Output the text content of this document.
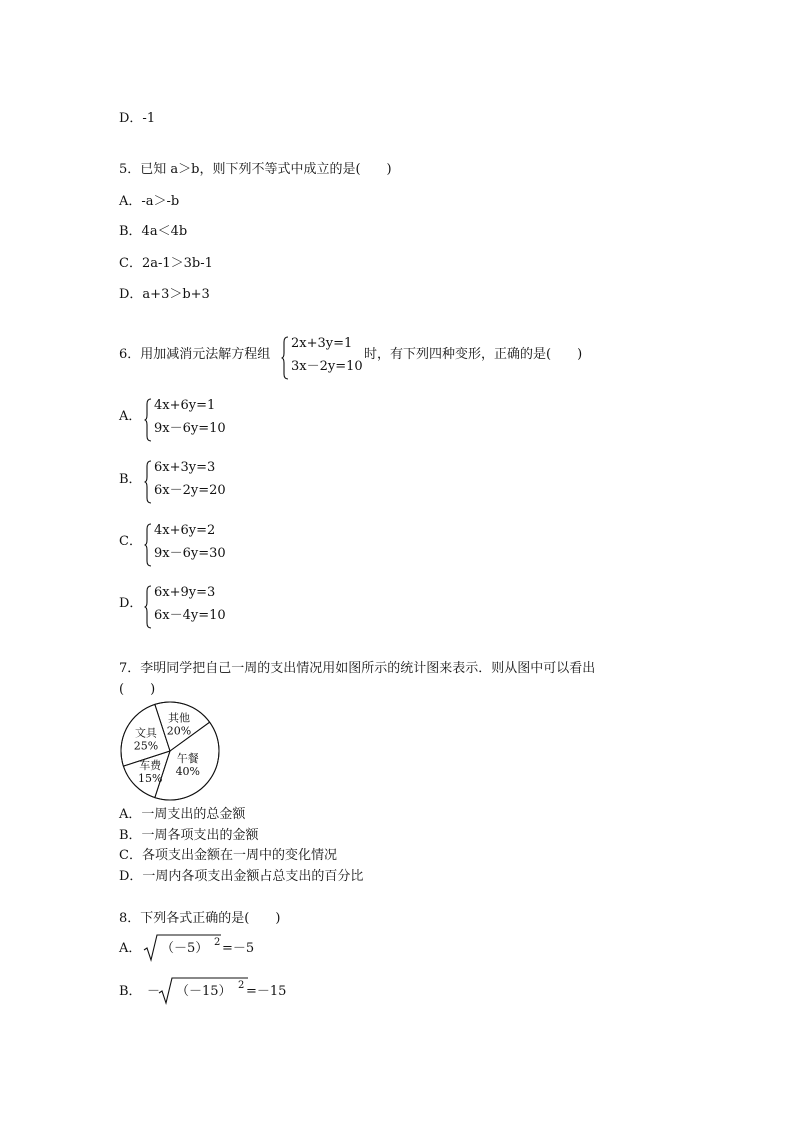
D．-1
5．已知 a＞b，则下列不等式中成立的是(　　)
A．-a＞-b
B．4a＜4b
C．2a-1＞3b-1
D．a+3＞b+3
6．用加减消元法解方程组
2x+3y=1
3x－2y=10
时，有下列四种变形，正确的是(　　)
A．
4x+6y=1
9x－6y=10
B．
6x+3y=3
6x－2y=20
C．
4x+6y=2
9x－6y=30
D．
6x+9y=3
6x－4y=10
7．李明同学把自己一周的支出情况用如图所示的统计图来表示．则从图中可以看出
(　　)
午餐
40%
车费
15%
文具
25%
其他
20%
A．一周支出的总金额
B．一周各项支出的金额
C．各项支出金额在一周中的变化情况
D．一周内各项支出金额占总支出的百分比
8．下列各式正确的是(　　)
A． （－5） 2 =－5
B． － （－15） 2 =－15
